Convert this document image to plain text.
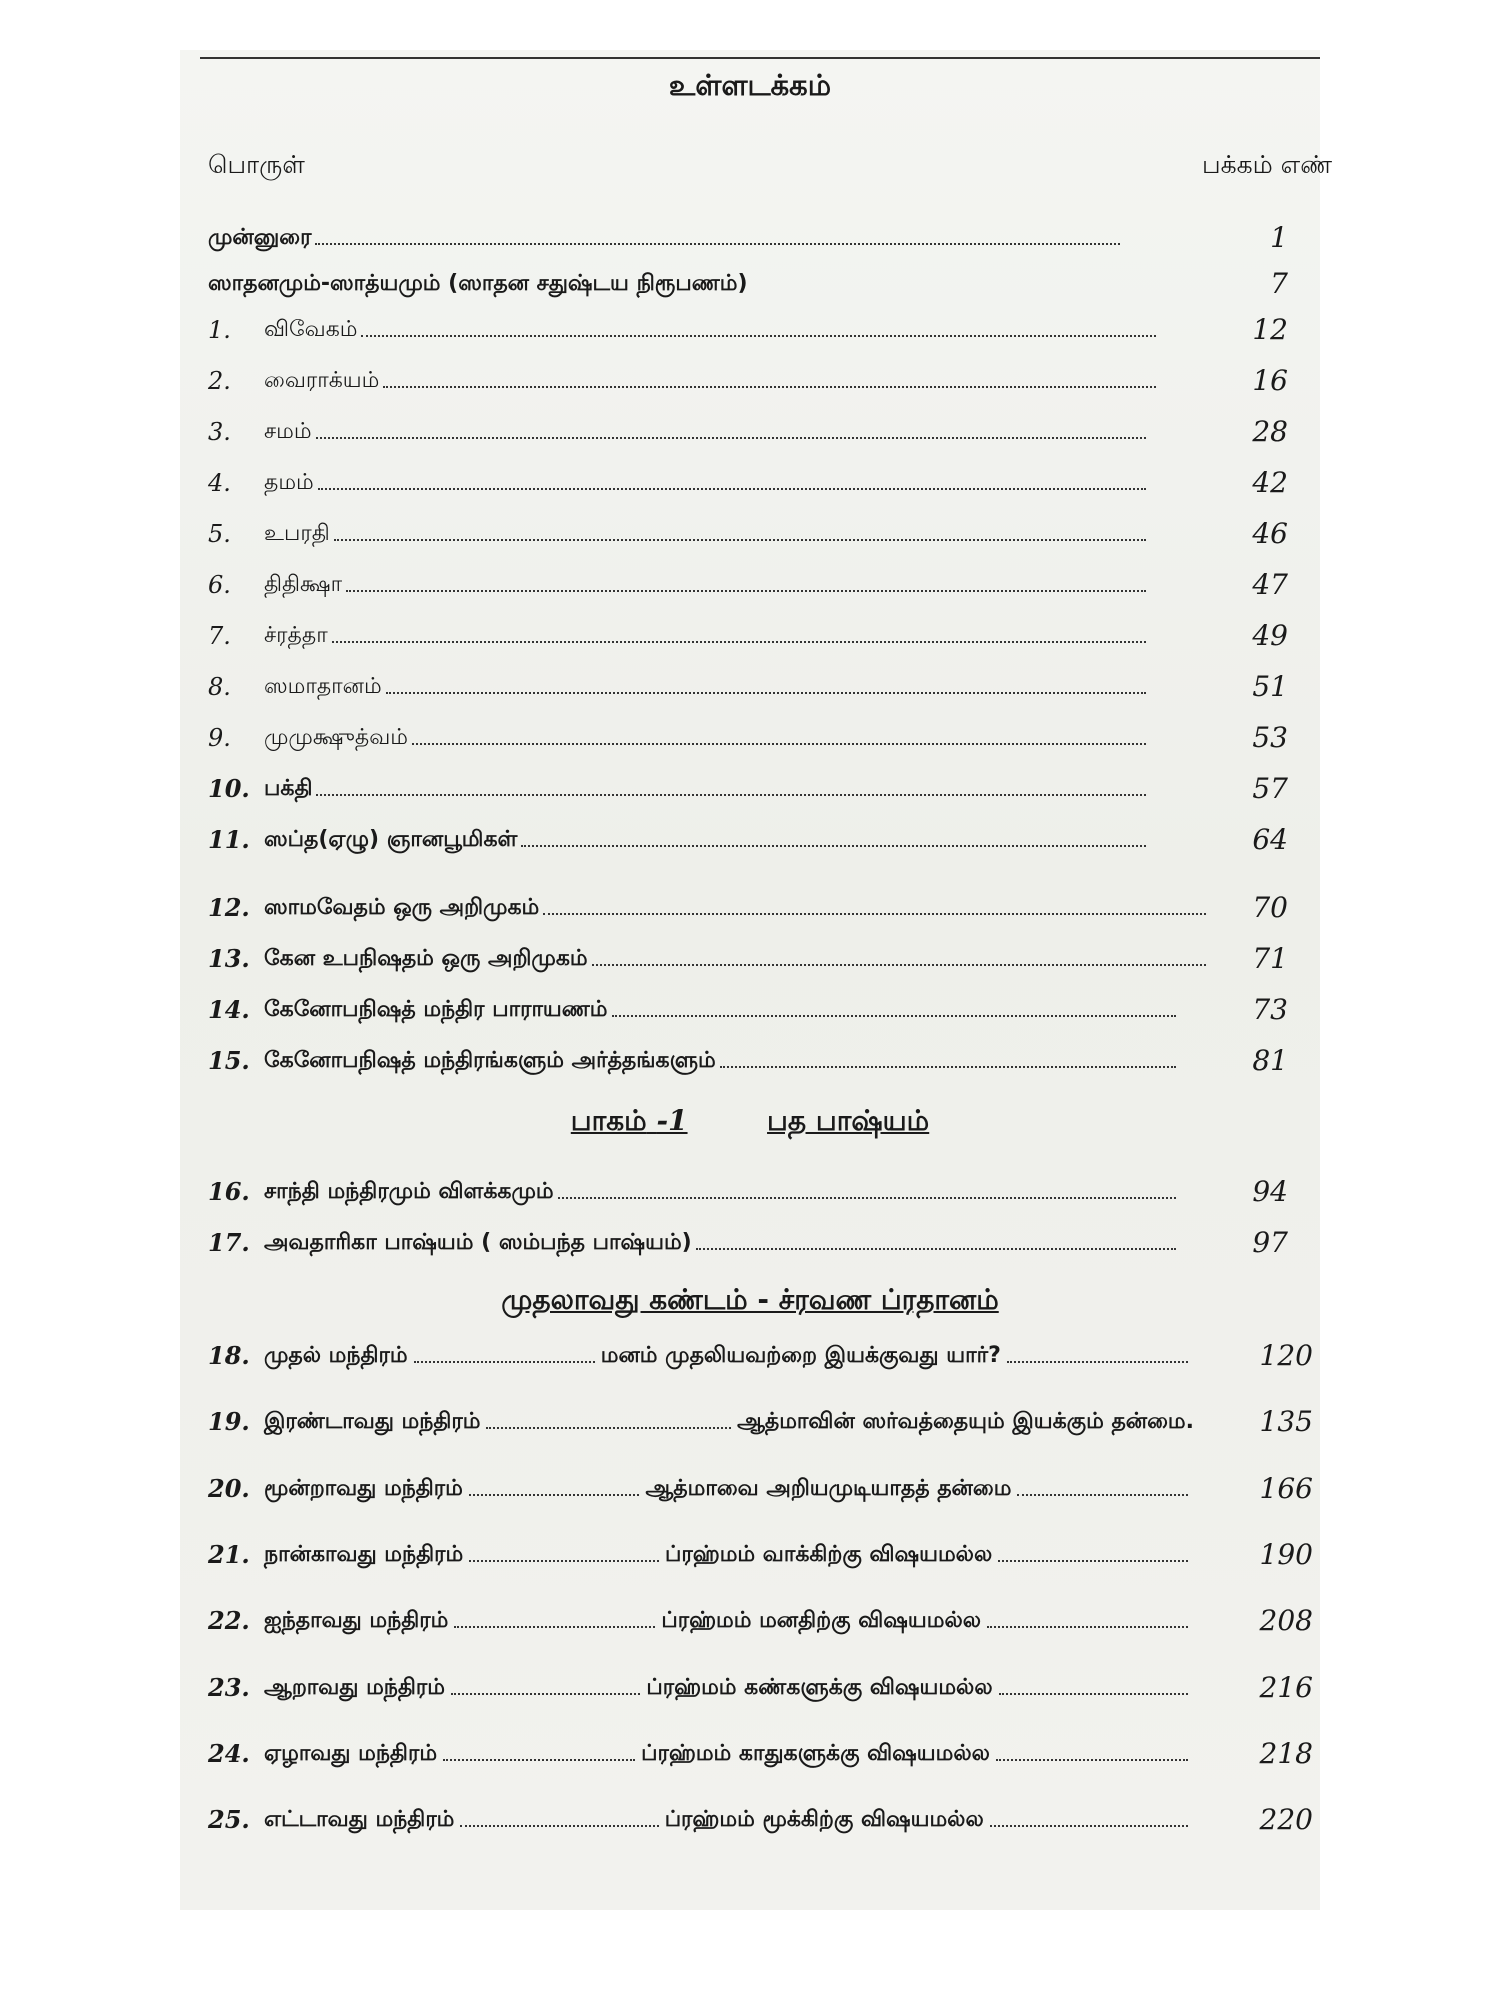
உள்ளடக்கம்
பொருள்	பக்கம் எண்
முன்னுரை	1
ஸாதனமும்-ஸாத்யமும் (ஸாதன சதுஷ்டய நிரூபணம்)	7
1.	விவேகம்	12
2.	வைராக்யம்	16
3.	சமம்	28
4.	தமம்	42
5.	உபரதி	46
6.	திதிக்ஷா	47
7.	ச்ரத்தா	49
8.	ஸமாதானம்	51
9.	முமுக்ஷுத்வம்	53
10. பக்தி	57
11. ஸப்த(ஏழு) ஞானபூமிகள்	64
12. ஸாமவேதம் ஒரு அறிமுகம்	70
13. கேன உபநிஷதம் ஒரு அறிமுகம்	71
14. கேனோபநிஷத் மந்திர பாராயணம்	73
15. கேனோபநிஷத் மந்திரங்களும் அர்த்தங்களும்	81
பாகம் -1	பத பாஷ்யம்
16. சாந்தி மந்திரமும் விளக்கமும்	94
17. அவதாரிகா பாஷ்யம் ( ஸம்பந்த பாஷ்யம்)	97
முதலாவது கண்டம் - ச்ரவண ப்ரதானம்
18. முதல் மந்திரம்	மனம் முதலியவற்றை இயக்குவது யார்?	120
19. இரண்டாவது மந்திரம்	ஆத்மாவின் ஸர்வத்தையும் இயக்கும் தன்மை.	135
20. மூன்றாவது மந்திரம்	ஆத்மாவை அறியமுடியாதத் தன்மை	166
21. நான்காவது மந்திரம்	ப்ரஹ்மம் வாக்கிற்கு விஷயமல்ல	190
22. ஐந்தாவது மந்திரம்	ப்ரஹ்மம் மனதிற்கு விஷயமல்ல	208
23. ஆறாவது மந்திரம்	ப்ரஹ்மம் கண்களுக்கு விஷயமல்ல	216
24. ஏழாவது மந்திரம்	ப்ரஹ்மம் காதுகளுக்கு விஷயமல்ல	218
25. எட்டாவது மந்திரம்	ப்ரஹ்மம் மூக்கிற்கு விஷயமல்ல	220
